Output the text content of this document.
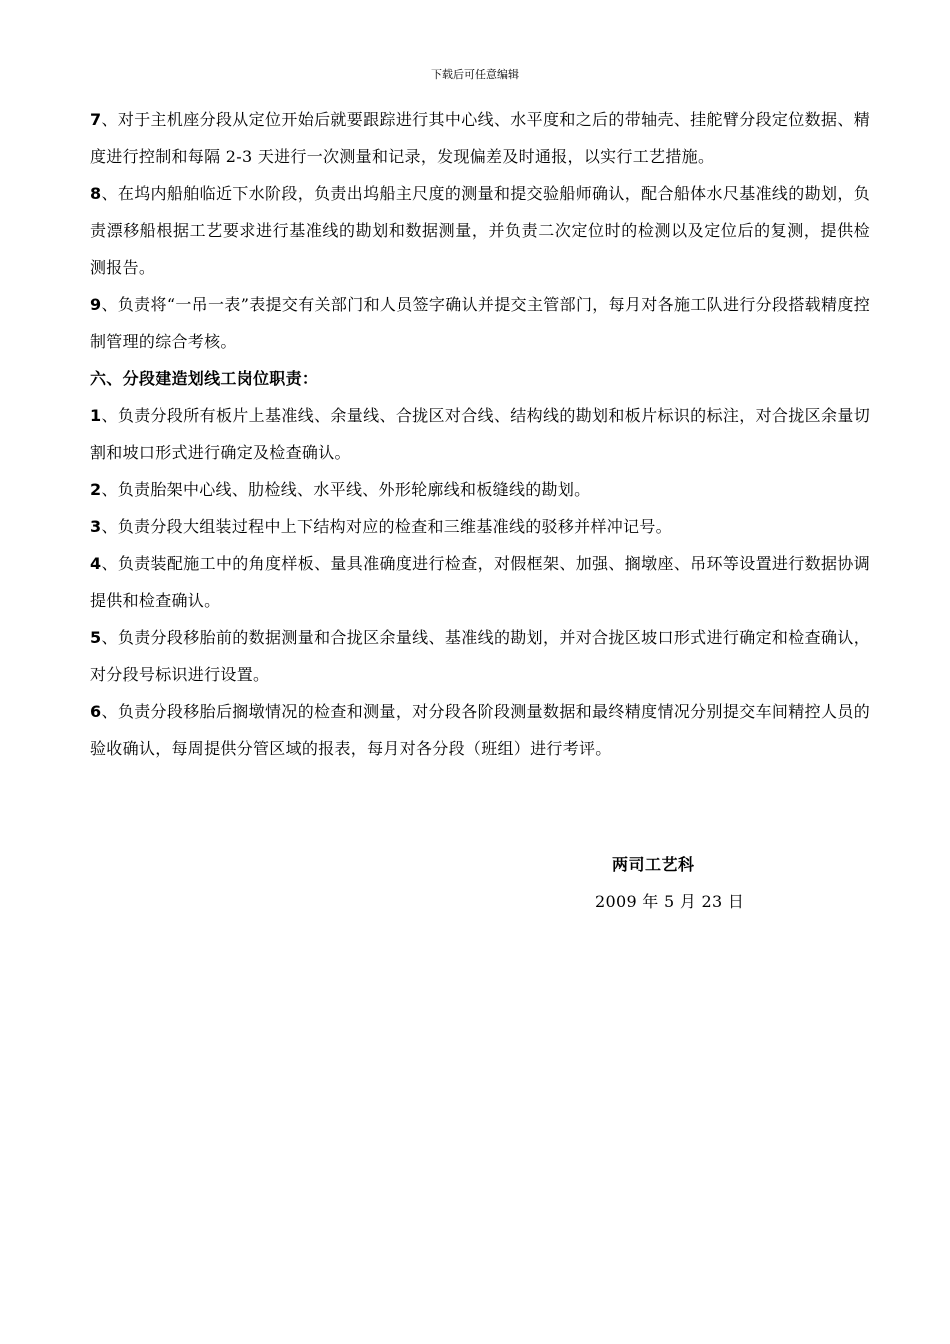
下载后可任意编辑

7、对于主机座分段从定位开始后就要跟踪进行其中心线、水平度和之后的带轴壳、挂舵臂分段定位数据、精度进行控制和每隔 2-3 天进行一次测量和记录，发现偏差及时通报，以实行工艺措施。

8、在坞内船舶临近下水阶段，负责出坞船主尺度的测量和提交验船师确认，配合船体水尺基准线的勘划，负责漂移船根据工艺要求进行基准线的勘划和数据测量，并负责二次定位时的检测以及定位后的复测，提供检测报告。

9、负责将“一吊一表”表提交有关部门和人员签字确认并提交主管部门，每月对各施工队进行分段搭载精度控制管理的综合考核。

六、分段建造划线工岗位职责：

1、负责分段所有板片上基准线、余量线、合拢区对合线、结构线的勘划和板片标识的标注，对合拢区余量切割和坡口形式进行确定及检查确认。

2、负责胎架中心线、肋检线、水平线、外形轮廓线和板缝线的勘划。

3、负责分段大组装过程中上下结构对应的检查和三维基准线的驳移并样冲记号。

4、负责装配施工中的角度样板、量具准确度进行检查，对假框架、加强、搁墩座、吊环等设置进行数据协调提供和检查确认。

5、负责分段移胎前的数据测量和合拢区余量线、基准线的勘划，并对合拢区坡口形式进行确定和检查确认，对分段号标识进行设置。

6、负责分段移胎后搁墩情况的检查和测量，对分段各阶段测量数据和最终精度情况分别提交车间精控人员的验收确认，每周提供分管区域的报表，每月对各分段（班组）进行考评。

两司工艺科
2009 年 5 月 23 日
